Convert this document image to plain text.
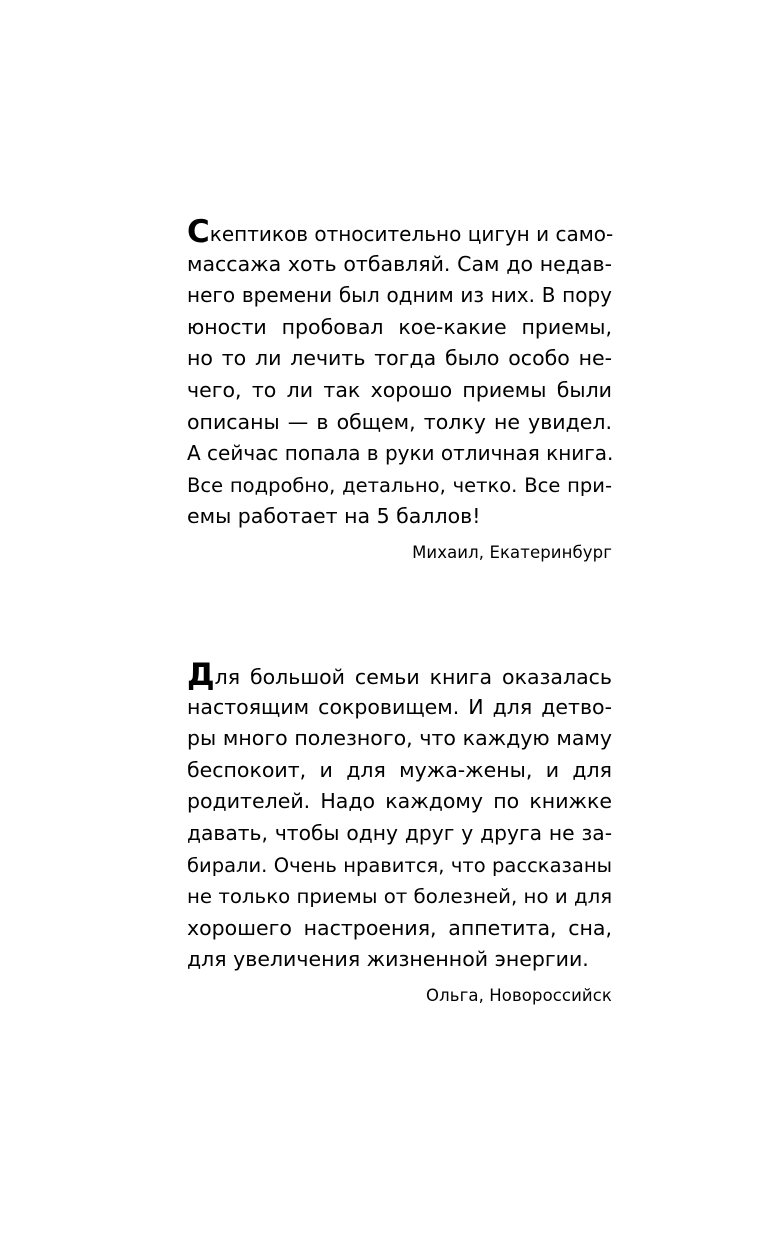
Скептиков относительно цигун и само-
массажа хоть отбавляй. Сам до недав-
него времени был одним из них. В пору
юности пробовал кое-какие приемы,
но то ли лечить тогда было особо не-
чего, то ли так хорошо приемы были
описаны — в общем, толку не увидел.
А сейчас попала в руки отличная книга.
Все подробно, детально, четко. Все при-
емы работает на 5 баллов!
Михаил, Екатеринбург
Для большой семьи книга оказалась
настоящим сокровищем. И для детво-
ры много полезного, что каждую маму
беспокоит, и для мужа-жены, и для
родителей. Надо каждому по книжке
давать, чтобы одну друг у друга не за-
бирали. Очень нравится, что рассказаны
не только приемы от болезней, но и для
хорошего настроения, аппетита, сна,
для увеличения жизненной энергии.
Ольга, Новороссийск
